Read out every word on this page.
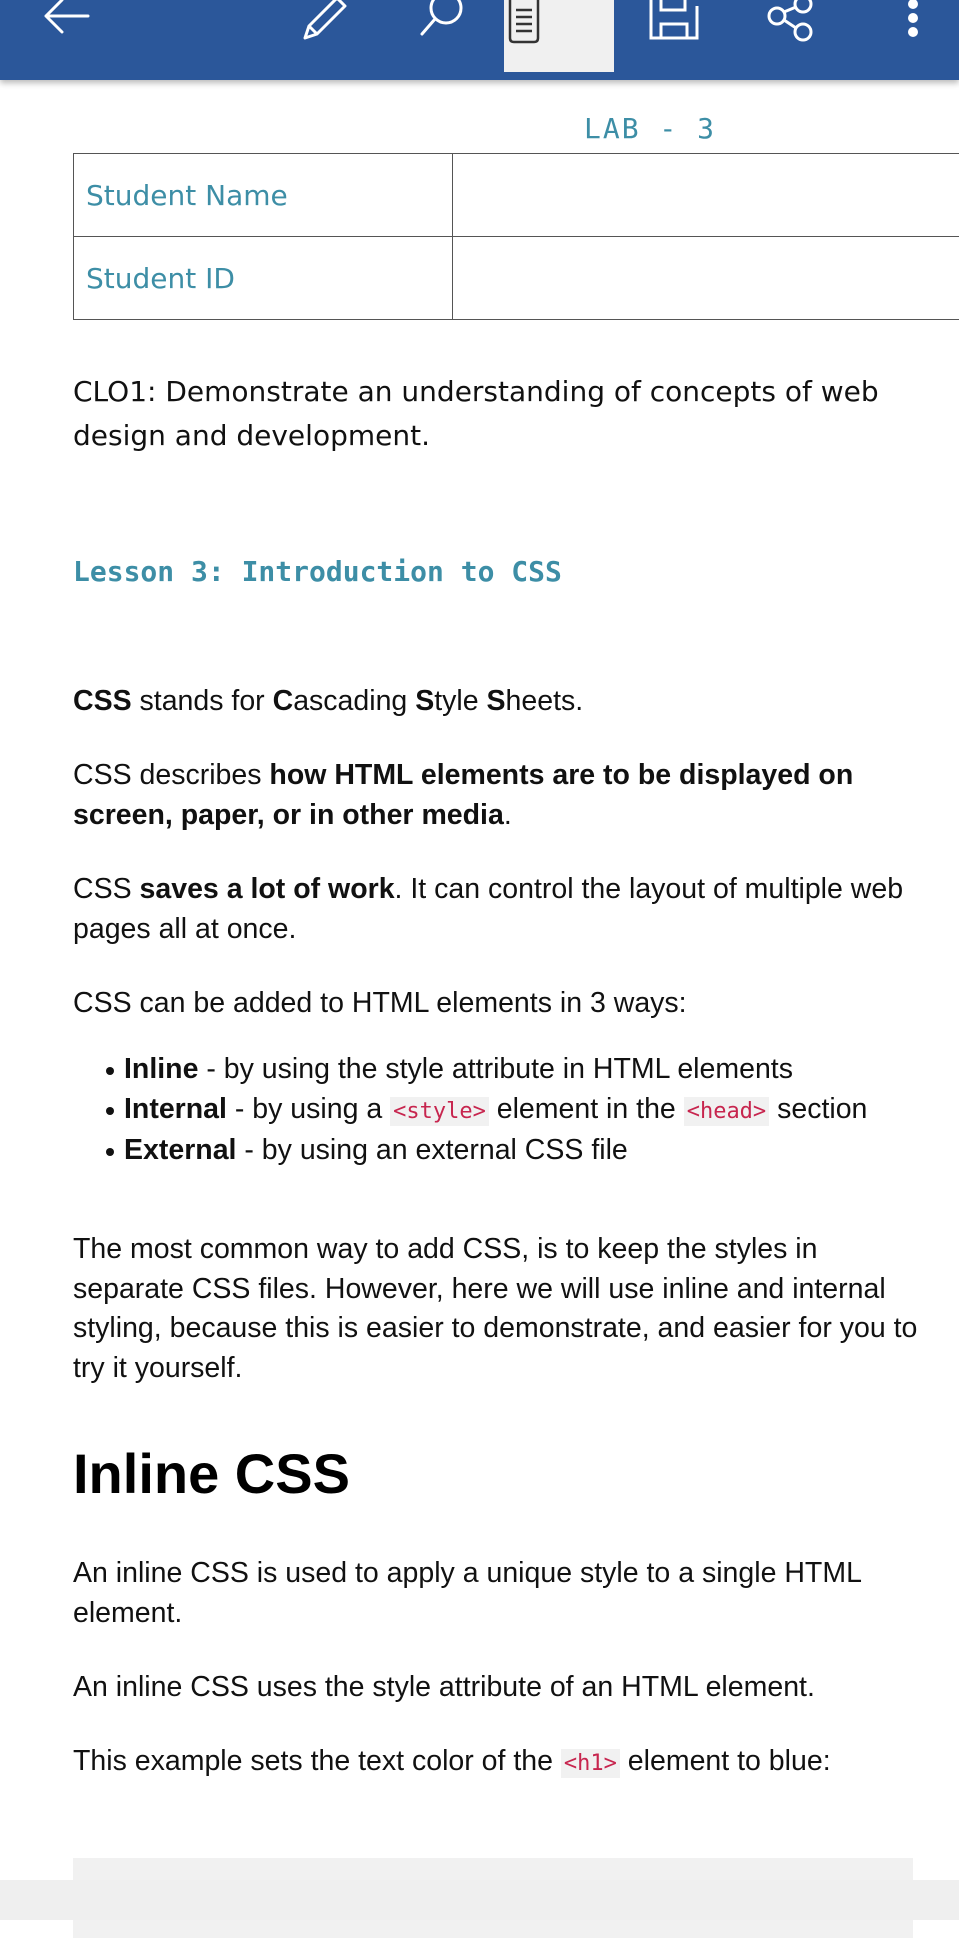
LAB - 3
Student Name	
Student ID	

CLO1: Demonstrate an understanding of concepts of web design and development.

Lesson 3: Introduction to CSS

CSS stands for Cascading Style Sheets.

CSS describes how HTML elements are to be displayed on screen, paper, or in other media.

CSS saves a lot of work. It can control the layout of multiple web pages all at once.

CSS can be added to HTML elements in 3 ways:

Inline - by using the style attribute in HTML elements
Internal - by using a <style> element in the <head> section
External - by using an external CSS file

The most common way to add CSS, is to keep the styles in separate CSS files. However, here we will use inline and internal styling, because this is easier to demonstrate, and easier for you to try it yourself.

Inline CSS

An inline CSS is used to apply a unique style to a single HTML element.

An inline CSS uses the style attribute of an HTML element.

This example sets the text color of the <h1> element to blue:
